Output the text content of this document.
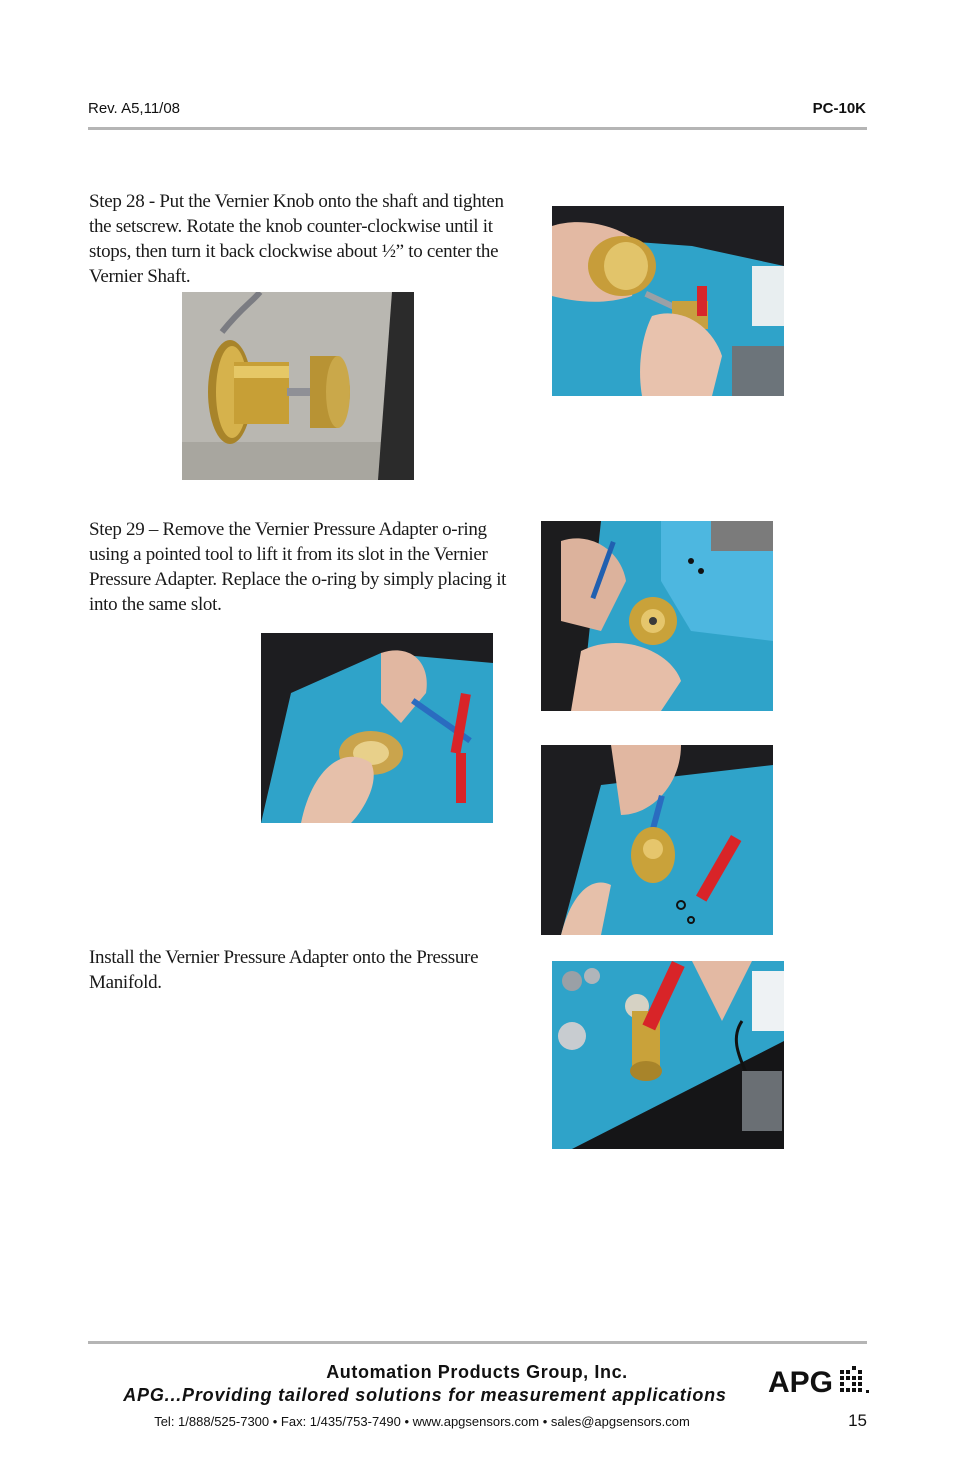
Rev. A5,11/08	PC-10K
Step 28 - Put the Vernier Knob onto the shaft and tighten the setscrew. Rotate the knob counter-clockwise until it stops, then turn it back clockwise about ½” to center the Vernier Shaft.
Step 29 – Remove the Vernier Pressure Adapter o-ring using a pointed tool to lift it from its slot in the Vernier Pressure Adapter. Replace the o-ring by simply placing it into the same slot.
Install the Vernier Pressure Adapter onto the Pressure Manifold.
Automation Products Group, Inc.
APG...Providing tailored solutions for measurement applications
Tel: 1/888/525-7300 • Fax: 1/435/753-7490 • www.apgsensors.com • sales@apgsensors.com	15
APG
